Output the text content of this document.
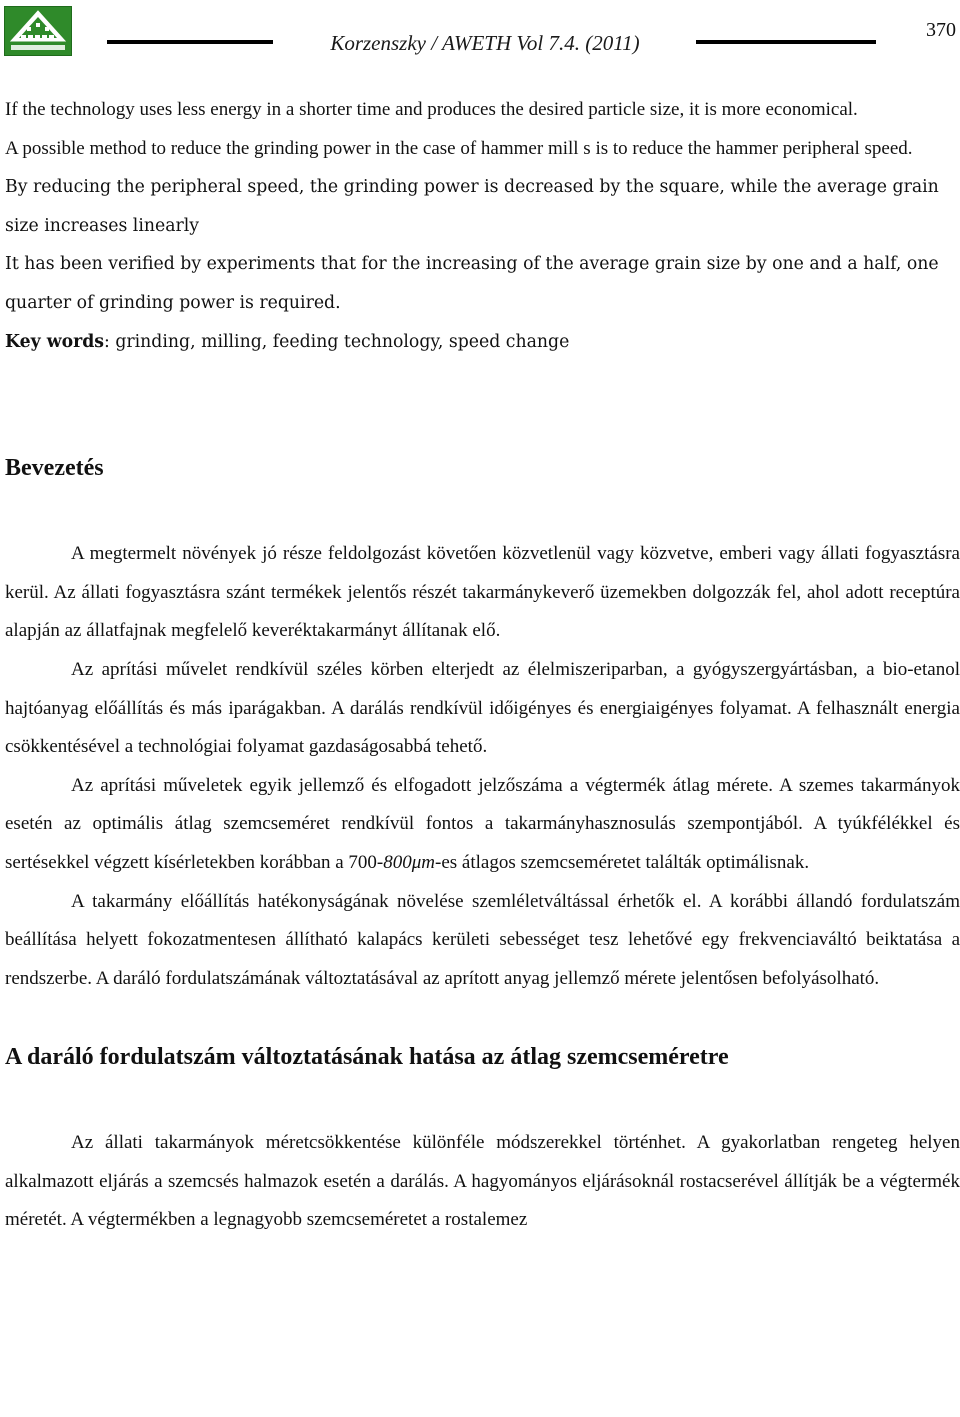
Korzenszky / AWETH Vol 7.4. (2011)
370

If the technology uses less energy in a shorter time and produces the desired particle size, it is more economical.

A possible method to reduce the grinding power in the case of hammer mill s is to reduce the hammer peripheral speed.

By reducing the peripheral speed, the grinding power is decreased by the square, while the average grain size increases linearly

It has been verified by experiments that for the increasing of the average grain size by one and a half, one quarter of grinding power is required.

Key words: grinding, milling, feeding technology, speed change

Bevezetés

A megtermelt növények jó része feldolgozást követően közvetlenül vagy közvetve, emberi vagy állati fogyasztásra kerül. Az állati fogyasztásra szánt termékek jelentős részét takarmánykeverő üzemekben dolgozzák fel, ahol adott receptúra alapján az állatfajnak megfelelő keveréktakarmányt állítanak elő.

Az aprítási művelet rendkívül széles körben elterjedt az élelmiszeriparban, a gyógyszergyártásban, a bio-etanol hajtóanyag előállítás és más iparágakban. A darálás rendkívül időigényes és energiaigényes folyamat. A felhasznált energia csökkentésével a technológiai folyamat gazdaságosabbá tehető.

Az aprítási műveletek egyik jellemző és elfogadott jelzőszáma a végtermék átlag mérete. A szemes takarmányok esetén az optimális átlag szemcseméret rendkívül fontos a takarmányhasznosulás szempontjából. A tyúkfélékkel és sertésekkel végzett kísérletekben korábban a 700-800μm-es átlagos szemcseméretet találták optimálisnak.

A takarmány előállítás hatékonyságának növelése szemléletváltással érhetők el. A korábbi állandó fordulatszám beállítása helyett fokozatmentesen állítható kalapács kerületi sebességet tesz lehetővé egy frekvenciaváltó beiktatása a rendszerbe. A daráló fordulatszámának változtatásával az aprított anyag jellemző mérete jelentősen befolyásolható.

A daráló fordulatszám változtatásának hatása az átlag szemcseméretre

Az állati takarmányok méretcsökkentése különféle módszerekkel történhet. A gyakorlatban rengeteg helyen alkalmazott eljárás a szemcsés halmazok esetén a darálás. A hagyományos eljárásoknál rostacserével állítják be a végtermék méretét. A végtermékben a legnagyobb szemcseméretet a rostalemez
